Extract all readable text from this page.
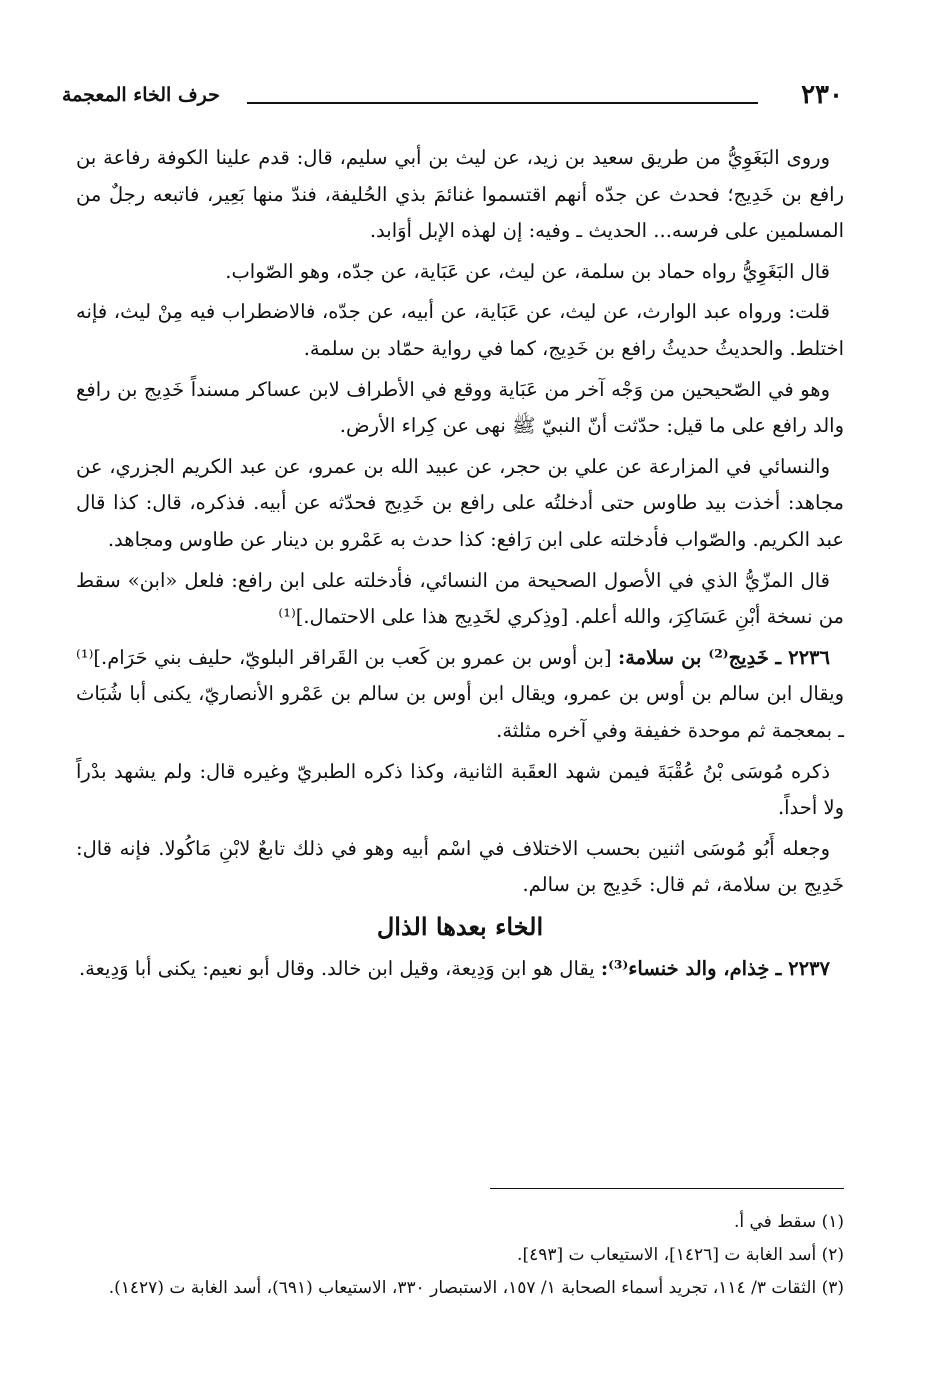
٢٣٠
حرف الخاء المعجمة

وروى البَغَوِيُّ من طريق سعيد بن زيد، عن ليث بن أبي سليم، قال: قدم علينا الكوفة رفاعة بن رافع بن خَدِيج؛ فحدث عن جدّه أنهم اقتسموا غنائمَ بذي الحُليفة، فندّ منها بَعِير، فاتبعه رجلٌ من المسلمين على فرسه... الحديث ـ وفيه: إن لهذه الإبل أوَابد.

قال البَغَوِيُّ رواه حماد بن سلمة، عن ليث، عن عَبَاية، عن جدّه، وهو الصّواب.

قلت: ورواه عبد الوارث، عن ليث، عن عَبَاية، عن أبيه، عن جدّه، فالاضطراب فيه مِنْ ليث، فإنه اختلط. والحديثُ حديثُ رافع بن خَدِيج، كما في رواية حمّاد بن سلمة.

وهو في الصّحيحين من وَجْه آخر من عَبَاية ووقع في الأطراف لابن عساكر مسنداً خَدِيج بن رافع والد رافع على ما قيل: حدّثت أنّ النبيّ ﷺ نهى عن كِراء الأرض.

والنسائي في المزارعة عن علي بن حجر، عن عبيد الله بن عمرو، عن عبد الكريم الجزري، عن مجاهد: أخذت بيد طاوس حتى أدخلتُه على رافع بن خَدِيج فحدّثه عن أبيه. فذكره، قال: كذا قال عبد الكريم. والصّواب فأدخلته على ابن رَافع: كذا حدث به عَمْرو بن دينار عن طاوس ومجاهد.

قال المزّيُّ الذي في الأصول الصحيحة من النسائي، فأدخلته على ابن رافع: فلعل «ابن» سقط من نسخة أبْنِ عَسَاكِرَ، والله أعلم. [وذِكري لخَدِيج هذا على الاحتمال.]⁽¹⁾

٢٢٣٦ ـ خَدِيج⁽²⁾ بن سلامة: [بن أوس بن عمرو بن كَعب بن القَراقر البلويّ، حليف بني حَرَام.]⁽¹⁾ ويقال ابن سالم بن أوس بن عمرو، ويقال ابن أوس بن سالم بن عَمْرو الأنصاريّ، يكنى أبا شُبَاث ـ بمعجمة ثم موحدة خفيفة وفي آخره مثلثة.

ذكره مُوسَى بْنُ عُقْبَةَ فيمن شهد العقَبة الثانية، وكذا ذكره الطبريّ وغيره قال: ولم يشهد بدْراً ولا أحداً.

وجعله أَبُو مُوسَى اثنين بحسب الاختلاف في اسْم أبيه وهو في ذلك تابعٌ لابْنِ مَاكُولا. فإنه قال: خَدِيج بن سلامة، ثم قال: خَدِيج بن سالم.

الخاء بعدها الذال

٢٢٣٧ ـ خِذام، والد خنساء⁽³⁾: يقال هو ابن وَدِيعة، وقيل ابن خالد. وقال أبو نعيم: يكنى أبا وَدِيعة.

(١) سقط في أ.

(٢) أسد الغابة ت [١٤٢٦]، الاستيعاب ت [٤٩٣].

(٣) الثقات ٣/ ١١٤، تجريد أسماء الصحابة ١/ ١٥٧، الاستبصار ٣٣٠، الاستيعاب (٦٩١)، أسد الغابة ت (١٤٢٧).
